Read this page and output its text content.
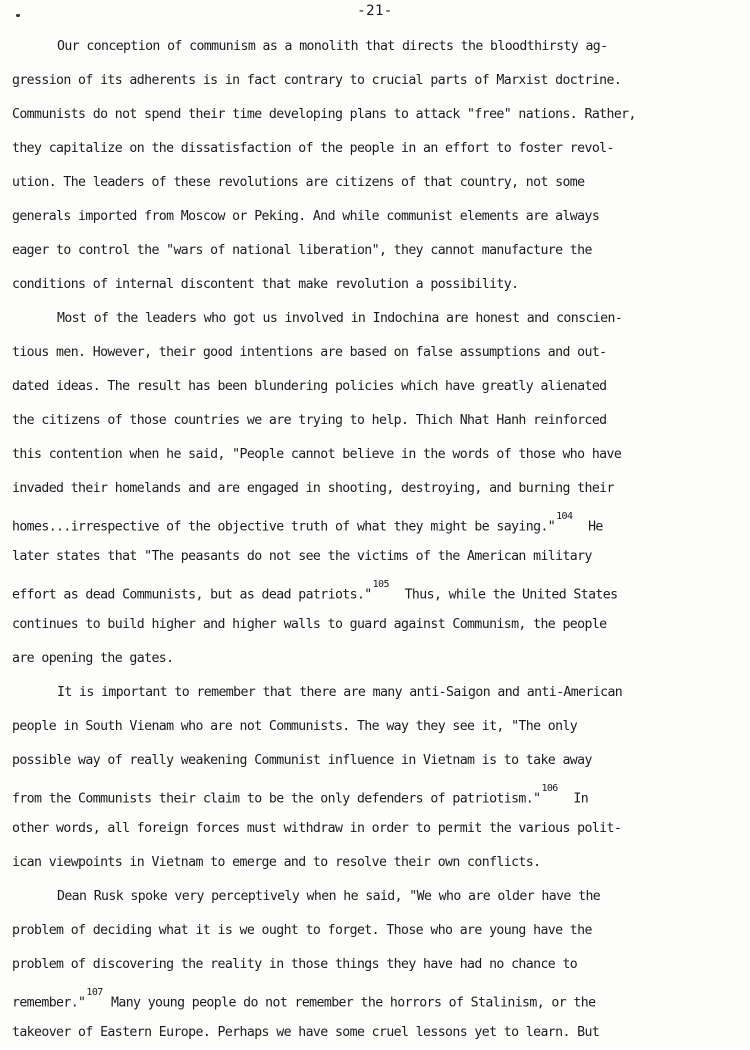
-21-
Our conception of communism as a monolith that directs the bloodthirsty ag-
gression of its adherents is in fact contrary to crucial parts of Marxist doctrine.
Communists do not spend their time developing plans to attack "free" nations. Rather,
they capitalize on the dissatisfaction of the people in an effort to foster revol-
ution. The leaders of these revolutions are citizens of that country, not some
generals imported from Moscow or Peking. And while communist elements are always
eager to control the "wars of national liberation", they cannot manufacture the
conditions of internal discontent that make revolution a possibility.
Most of the leaders who got us involved in Indochina are honest and conscien-
tious men. However, their good intentions are based on false assumptions and out-
dated ideas. The result has been blundering policies which have greatly alienated
the citizens of those countries we are trying to help. Thich Nhat Hanh reinforced
this contention when he said, "People cannot believe in the words of those who have
invaded their homelands and are engaged in shooting, destroying, and burning their
homes...irrespective of the objective truth of what they might be saying."$^{104}$  He
later states that "The peasants do not see the victims of the American military
effort as dead Communists, but as dead patriots."$^{105}$  Thus, while the United States
continues to build higher and higher walls to guard against Communism, the people
are opening the gates.
It is important to remember that there are many anti-Saigon and anti-American
people in South Vienam who are not Communists. The way they see it, "The only
possible way of really weakening Communist influence in Vietnam is to take away
from the Communists their claim to be the only defenders of patriotism."$^{106}$  In
other words, all foreign forces must withdraw in order to permit the various polit-
ican viewpoints in Vietnam to emerge and to resolve their own conflicts.
Dean Rusk spoke very perceptively when he said, "We who are older have the
problem of deciding what it is we ought to forget. Those who are young have the
problem of discovering the reality in those things they have had no chance to
remember."$^{107}$ Many young people do not remember the horrors of Stalinism, or the
takeover of Eastern Europe. Perhaps we have some cruel lessons yet to learn. But
